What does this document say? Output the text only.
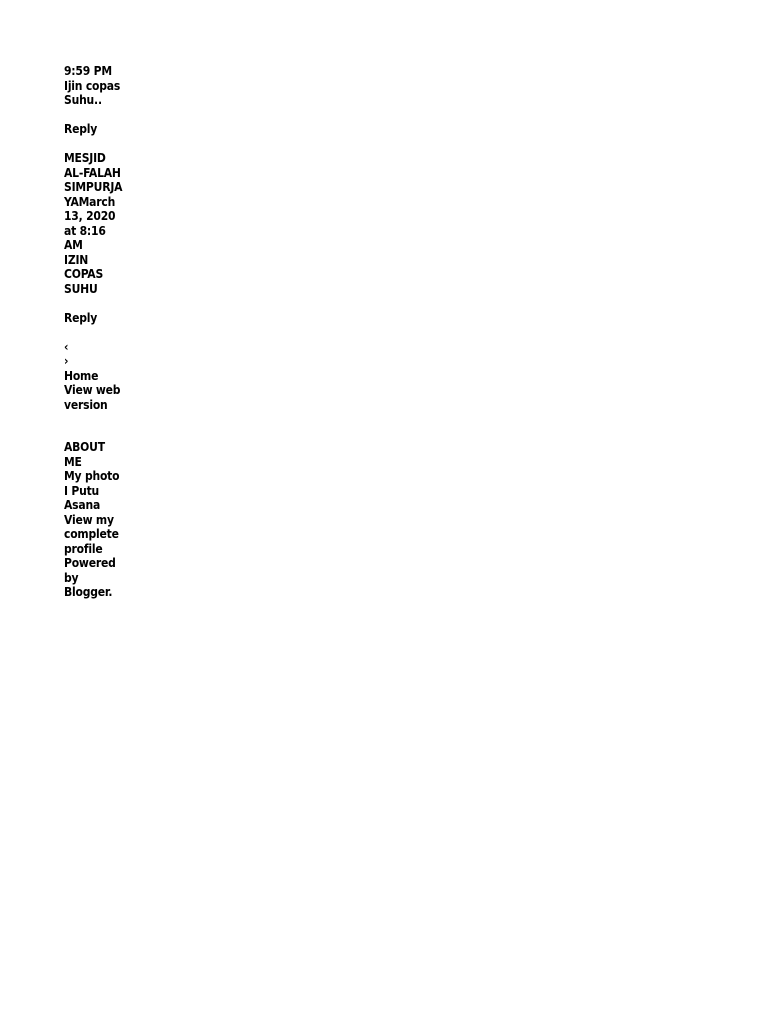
9:59 PM
Ijin copas
Suhu..
Reply
MESJID
AL-FALAH
SIMPURJA
YAMarch
13, 2020
at 8:16
AM
IZIN
COPAS
SUHU
Reply
‹
›
Home
View web
version
ABOUT
ME
My photo
I Putu
Asana
View my
complete
profile
Powered
by
Blogger.
